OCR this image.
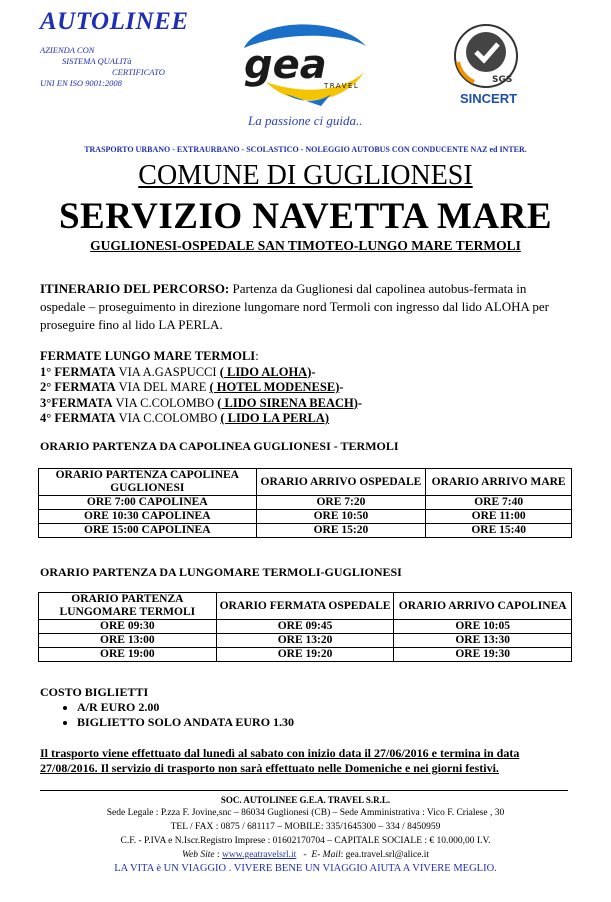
AUTOLINEE
AZIENDA CON
SISTEMA QUALITà
CERTIFICATO
UNI EN ISO 9001:2008	gea
TRAVEL
SGS
SINCERT
La passione ci guida..
TRASPORTO URBANO - EXTRAURBANO - SCOLASTICO - NOLEGGIO AUTOBUS CON CONDUCENTE NAZ ed INTER.
COMUNE DI GUGLIONESI
SERVIZIO NAVETTA MARE
GUGLIONESI-OSPEDALE SAN TIMOTEO-LUNGO MARE TERMOLI
ITINERARIO DEL PERCORSO: Partenza da Guglionesi dal capolinea autobus-fermata in ospedale – proseguimento in direzione lungomare nord Termoli con ingresso dal lido ALOHA per proseguire fino al lido LA PERLA.
FERMATE LUNGO MARE TERMOLI:
1° FERMATA VIA A.GASPUCCI ( LIDO ALOHA)-
2° FERMATA VIA DEL MARE ( HOTEL MODENESE)-
3°FERMATA VIA C.COLOMBO ( LIDO SIRENA BEACH)-
4° FERMATA VIA C.COLOMBO ( LIDO LA PERLA)
ORARIO PARTENZA DA CAPOLINEA GUGLIONESI - TERMOLI
ORARIO PARTENZA CAPOLINEA GUGLIONESI	ORARIO ARRIVO OSPEDALE	ORARIO ARRIVO MARE
ORE 7:00 CAPOLINEA	ORE 7:20	ORE 7:40
ORE 10:30 CAPOLINEA	ORE 10:50	ORE 11:00
ORE 15:00 CAPOLINEA	ORE 15:20	ORE 15:40
ORARIO PARTENZA DA LUNGOMARE TERMOLI-GUGLIONESI
ORARIO PARTENZA LUNGOMARE TERMOLI	ORARIO FERMATA OSPEDALE	ORARIO ARRIVO CAPOLINEA
ORE 09:30	ORE 09:45	ORE 10:05
ORE 13:00	ORE 13:20	ORE 13:30
ORE 19:00	ORE 19:20	ORE 19:30
COSTO BIGLIETTI
• A/R EURO 2.00
• BIGLIETTO SOLO ANDATA EURO 1.30
Il trasporto viene effettuato dal lunedì al sabato con inizio data il 27/06/2016 e termina in data 27/08/2016. Il servizio di trasporto non sarà effettuato nelle Domeniche e nei giorni festivi.
SOC. AUTOLINEE G.E.A. TRAVEL S.R.L.
Sede Legale : P.zza F. Jovine,snc – 86034 Guglionesi (CB) – Sede Amministrativa : Vico F. Crialese , 30
TEL / FAX : 0875 / 681117 – MOBILE: 335/1645300 – 334 / 8450959
C.F. - P.IVA e N.Iscr.Registro Imprese : 01602170704 – CAPITALE SOCIALE : € 10.000,00 I.V.
Web Site : www.geatravelsrl.it   -  E- Mail: gea.travel.srl@alice.it
LA VITA è UN VIAGGIO . VIVERE BENE UN VIAGGIO AIUTA A VIVERE MEGLIO.
